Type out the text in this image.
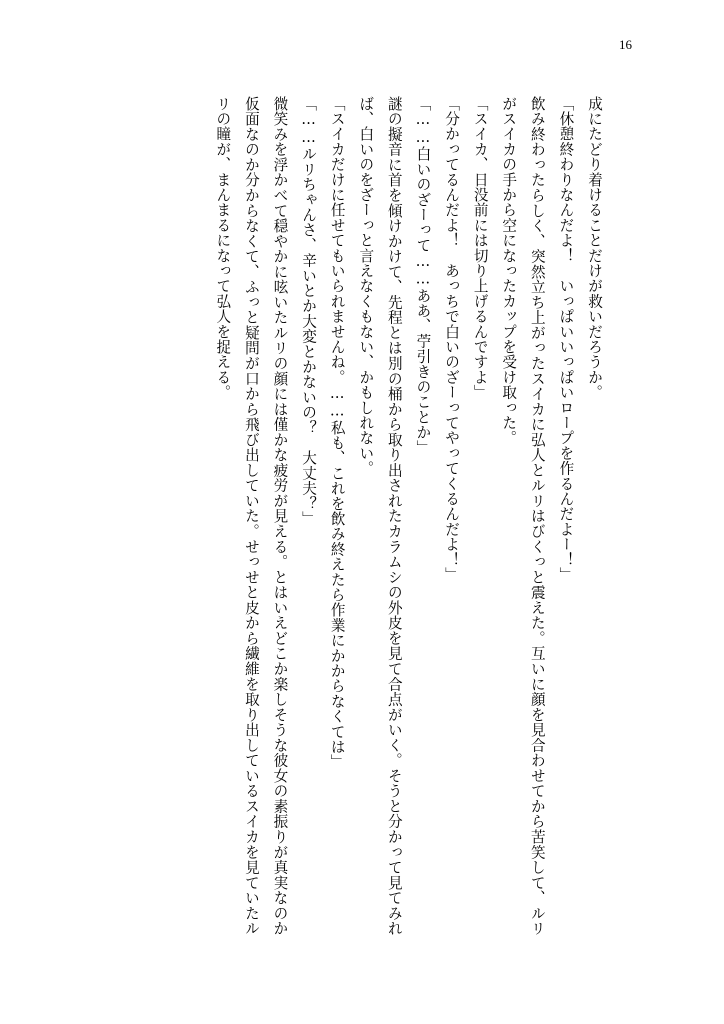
16

成にたどり着けることだけが救いだろうか。

「休憩終わりなんだよ！　いっぱいいっぱいロープを作るんだよー！」

飲み終わったらしく、突然立ち上がったスイカに弘人とルリはびくっと震えた。互いに顔を見合わせてから苦笑して、ルリがスイカの手から空になったカップを受け取った。

「スイカ、日没前には切り上げるんですよ」

「分かってるんだよ！　あっちで白いのざーってやってくるんだよ！」

「……白いのざーって……ああ、苧引きのことか」

謎の擬音に首を傾けかけて、先程とは別の桶から取り出されたカラムシの外皮を見て合点がいく。そうと分かって見てみれば、白いのをざーっと言えなくもない、かもしれない。

「スイカだけに任せてもいられませんね。……私も、これを飲み終えたら作業にかからなくては」

「……ルリちゃんさ、辛いとか大変とかないの？　大丈夫？」

微笑みを浮かべて穏やかに呟いたルリの顔には僅かな疲労が見える。とはいえどこか楽しそうな彼女の素振りが真実なのか仮面なのか分からなくて、ふっと疑問が口から飛び出していた。せっせと皮から繊維を取り出しているスイカを見ていたルリの瞳が、まんまるになって弘人を捉える。
